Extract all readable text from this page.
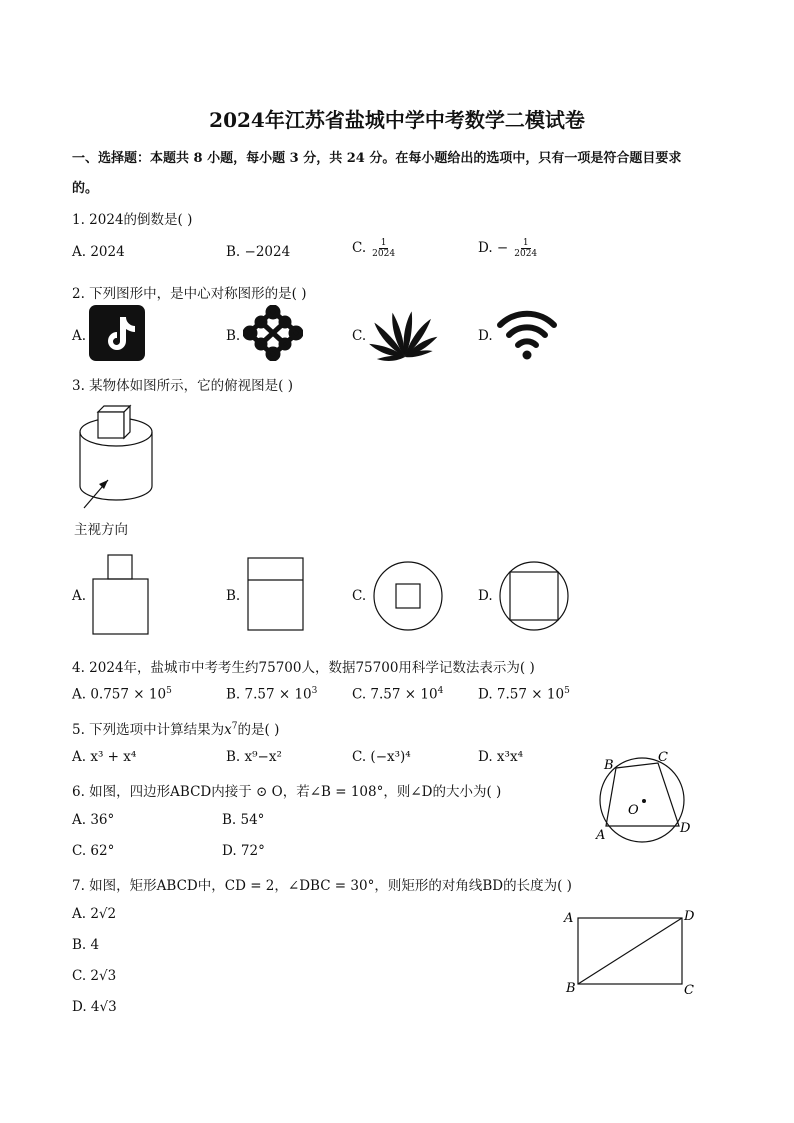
2024年江苏省盐城中学中考数学二模试卷
一、选择题：本题共 8 小题，每小题 3 分，共 24 分。在每小题给出的选项中，只有一项是符合题目要求
的。
1. 2024的倒数是( )
A. 2024	B. −2024	C. $\frac{1}{2024}$	D. − $\frac{1}{2024}$
2. 下列图形中，是中心对称图形的是( )
A.	B.	C.	D.
3. 某物体如图所示，它的俯视图是( )
主视方向
A.	B.	C.	D.
4. 2024年，盐城市中考考生约75700人，数据75700用科学记数法表示为( )
A. $0.757 \times 10^5$	B. $7.57 \times 10^3$	C. $7.57 \times 10^4$	D. $7.57 \times 10^5$
5. 下列选项中计算结果为$x^7$的是( )
A. x³ + x⁴	B. x⁹−x²	C. (−x³)⁴	D. x³x⁴
6. 如图，四边形ABCD内接于 ⊙ O，若∠B = 108°，则∠D的大小为( )
A. 36°	B. 54°
C. 62°	D. 72°
B
C
O
A	D
7. 如图，矩形ABCD中，CD = 2，∠DBC = 30°，则矩形的对角线BD的长度为( )
A. 2√2
B. 4
C. 2√3
D. 4√3
A	D
B	C
